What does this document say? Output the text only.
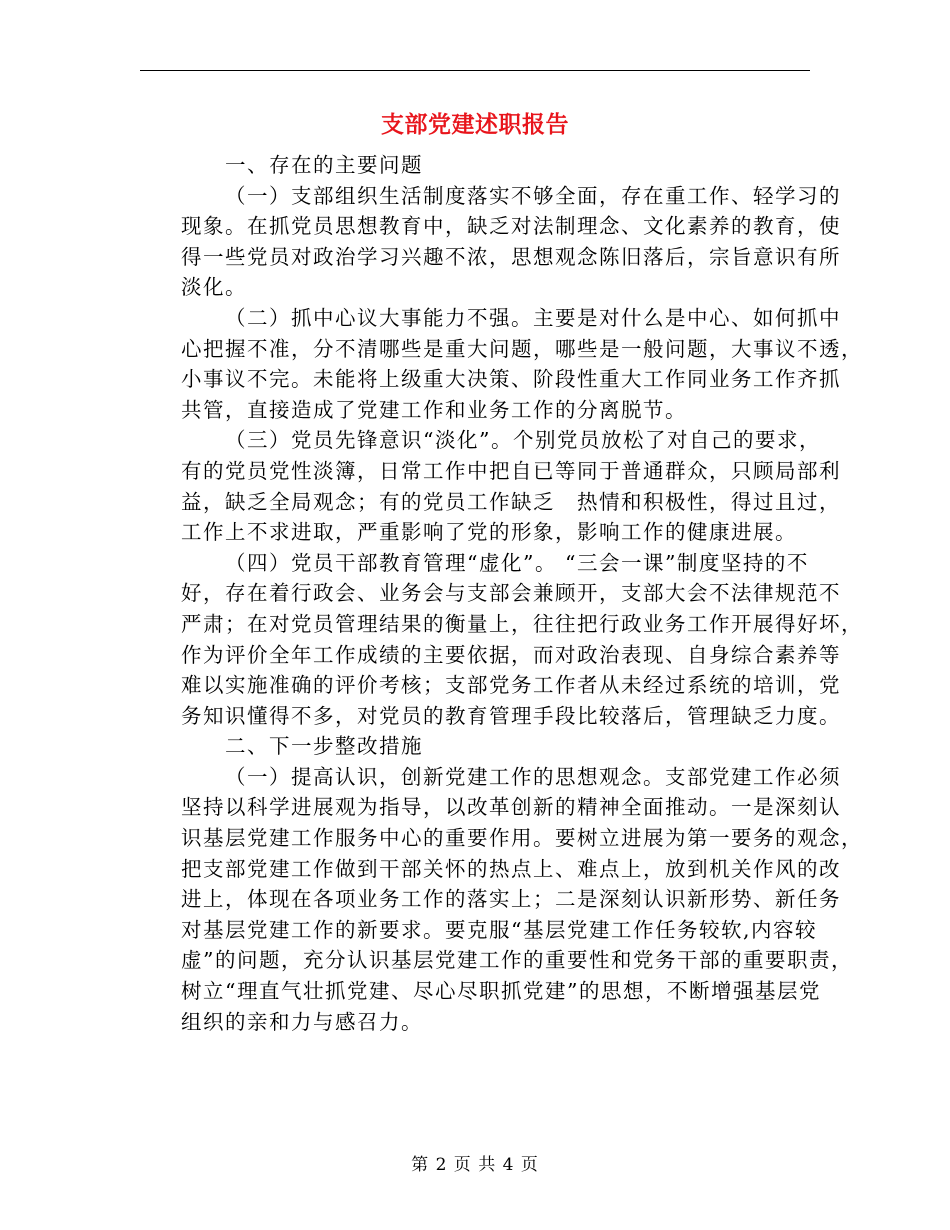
支部党建述职报告

一、存在的主要问题

（一）支部组织生活制度落实不够全面，存在重工作、轻学习的
现象。在抓党员思想教育中，缺乏对法制理念、文化素养的教育，使
得一些党员对政治学习兴趣不浓，思想观念陈旧落后，宗旨意识有所
淡化。

（二）抓中心议大事能力不强。主要是对什么是中心、如何抓中
心把握不准，分不清哪些是重大问题，哪些是一般问题，大事议不透，
小事议不完。未能将上级重大决策、阶段性重大工作同业务工作齐抓
共管，直接造成了党建工作和业务工作的分离脱节。

（三）党员先锋意识“淡化”。个别党员放松了对自己的要求，
有的党员党性淡簿，日常工作中把自已等同于普通群众，只顾局部利
益，缺乏全局观念；有的党员工作缺乏　热情和积极性，得过且过，
工作上不求进取，严重影响了党的形象，影响工作的健康进展。

（四）党员干部教育管理“虚化”。 “三会一课”制度坚持的不
好，存在着行政会、业务会与支部会兼顾开，支部大会不法律规范不
严肃；在对党员管理结果的衡量上，往往把行政业务工作开展得好坏，
作为评价全年工作成绩的主要依据，而对政治表现、自身综合素养等
难以实施准确的评价考核；支部党务工作者从未经过系统的培训，党
务知识懂得不多，对党员的教育管理手段比较落后，管理缺乏力度。

二、下一步整改措施

（一）提高认识，创新党建工作的思想观念。支部党建工作必须
坚持以科学进展观为指导，以改革创新的精神全面推动。一是深刻认
识基层党建工作服务中心的重要作用。要树立进展为第一要务的观念，
把支部党建工作做到干部关怀的热点上、难点上，放到机关作风的改
进上，体现在各项业务工作的落实上；二是深刻认识新形势、新任务
对基层党建工作的新要求。要克服“基层党建工作任务较软,内容较
虚”的问题，充分认识基层党建工作的重要性和党务干部的重要职责，
树立“理直气壮抓党建、尽心尽职抓党建”的思想，不断增强基层党
组织的亲和力与感召力。

第 2 页 共 4 页
